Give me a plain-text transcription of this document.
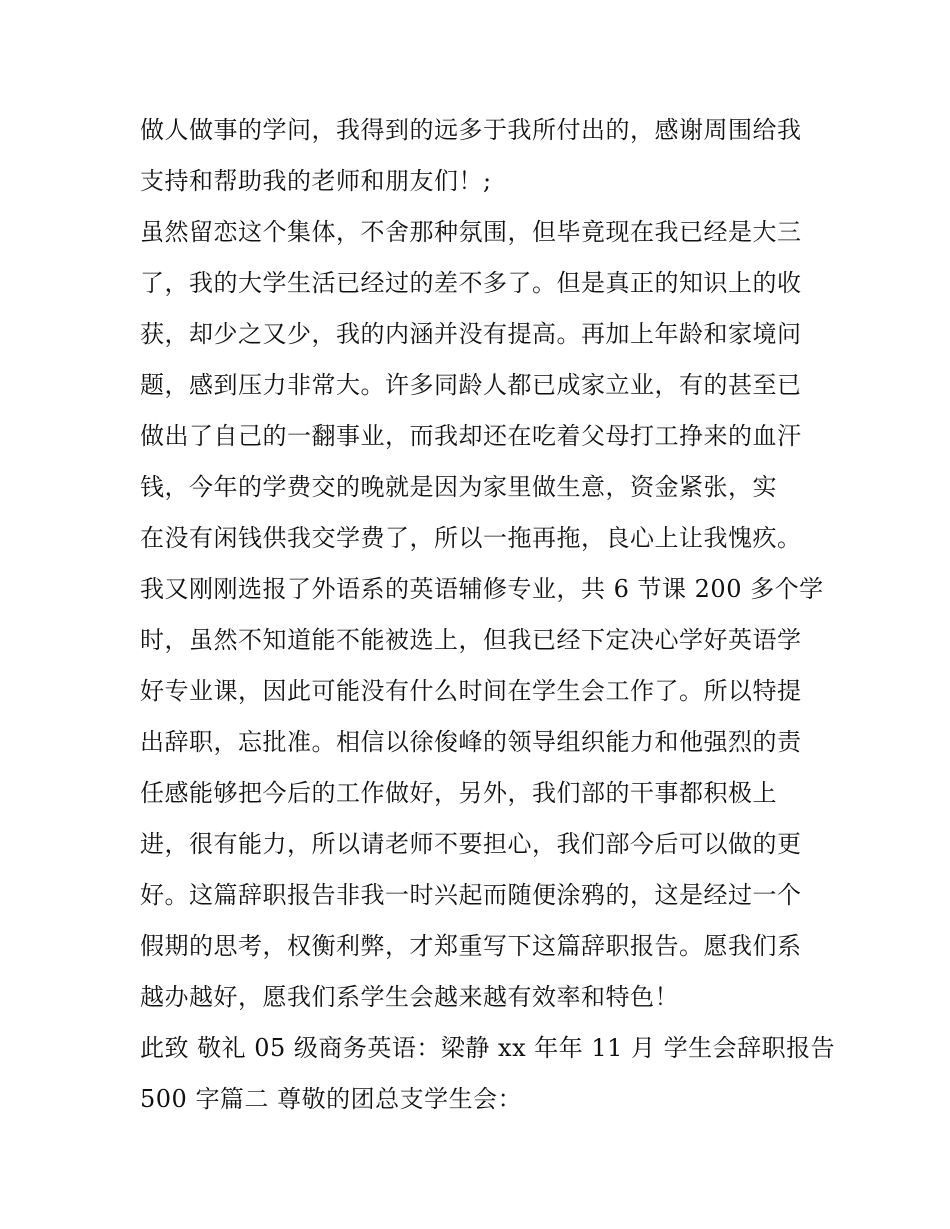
做人做事的学问，我得到的远多于我所付出的，感谢周围给我
支持和帮助我的老师和朋友们！;
虽然留恋这个集体，不舍那种氛围，但毕竟现在我已经是大三
了，我的大学生活已经过的差不多了。但是真正的知识上的收
获，却少之又少，我的内涵并没有提高。再加上年龄和家境问
题，感到压力非常大。许多同龄人都已成家立业，有的甚至已
做出了自己的一翻事业，而我却还在吃着父母打工挣来的血汗
钱，今年的学费交的晚就是因为家里做生意，资金紧张，实
在没有闲钱供我交学费了，所以一拖再拖，良心上让我愧疚。
我又刚刚选报了外语系的英语辅修专业，共 6 节课 200 多个学
时，虽然不知道能不能被选上，但我已经下定决心学好英语学
好专业课，因此可能没有什么时间在学生会工作了。所以特提
出辞职，忘批准。相信以徐俊峰的领导组织能力和他强烈的责
任感能够把今后的工作做好，另外，我们部的干事都积极上
进，很有能力，所以请老师不要担心，我们部今后可以做的更
好。这篇辞职报告非我一时兴起而随便涂鸦的，这是经过一个
假期的思考，权衡利弊，才郑重写下这篇辞职报告。愿我们系
越办越好，愿我们系学生会越来越有效率和特色！
此致 敬礼 05 级商务英语：梁静 xx 年年 11 月 学生会辞职报告
500 字篇二 尊敬的团总支学生会：
